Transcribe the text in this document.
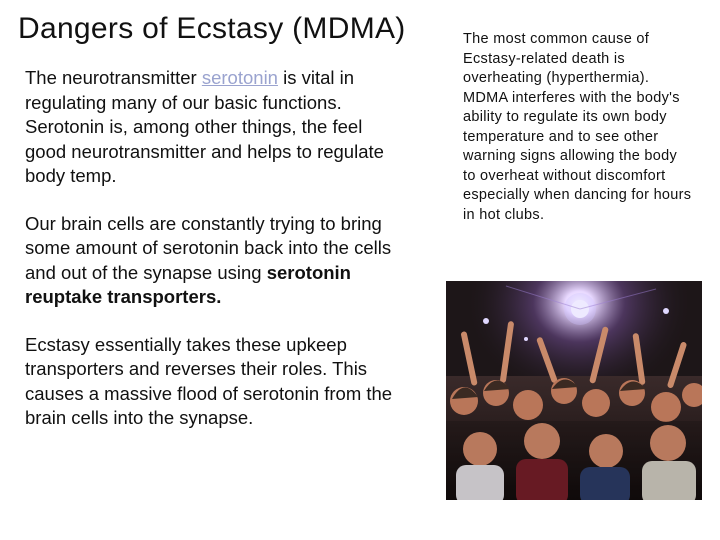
Dangers of Ecstasy (MDMA)

The neurotransmitter serotonin is vital in regulating many of our basic functions. Serotonin is, among other things, the feel good neurotransmitter and helps to regulate body temp.

Our brain cells are constantly trying to bring some amount of serotonin back into the cells and out of the synapse using serotonin reuptake transporters.

Ecstasy essentially takes these upkeep transporters and reverses their roles. This causes a massive flood of serotonin from the brain cells into the synapse.

The most common cause of Ecstasy-related death is overheating (hyperthermia). MDMA interferes with the body's ability to regulate its own body temperature and to see other warning signs allowing the body to overheat without discomfort especially when dancing for hours in hot clubs.
